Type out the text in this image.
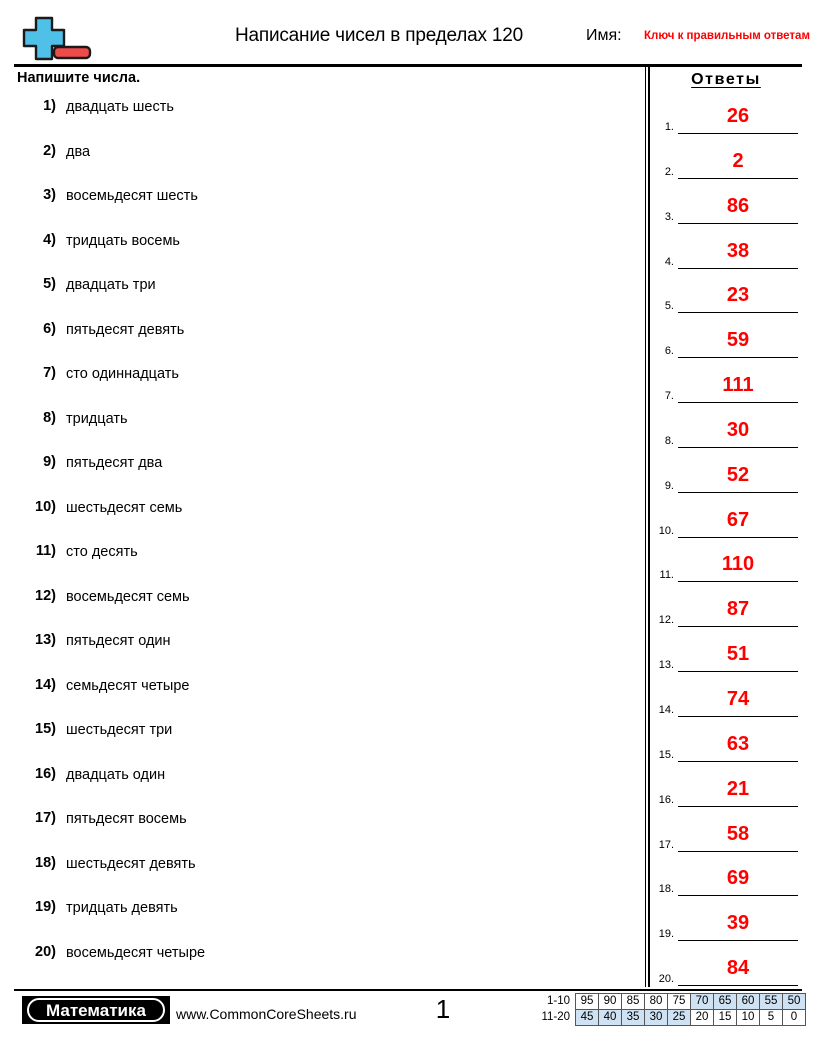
Написание чисел в пределах 120	Имя:	Ключ к правильным ответам
Напишите числа.
1) двадцать шесть
2) два
3) восемьдесят шесть
4) тридцать восемь
5) двадцать три
6) пятьдесят девять
7) сто одиннадцать
8) тридцать
9) пятьдесят два
10) шестьдесят семь
11) сто десять
12) восемьдесят семь
13) пятьдесят один
14) семьдесят четыре
15) шестьдесят три
16) двадцать один
17) пятьдесят восемь
18) шестьдесят девять
19) тридцать девять
20) восемьдесят четыре
Ответы
1.	26
2.	2
3.	86
4.	38
5.	23
6.	59
7.	111
8.	30
9.	52
10.	67
11.	110
12.	87
13.	51
14.	74
15.	63
16.	21
17.	58
18.	69
19.	39
20.	84
Математика	www.CommonCoreSheets.ru	1	1-10	95	90	85	80	75	70	65	60	55	50
11-20	45	40	35	30	25	20	15	10	5	0
